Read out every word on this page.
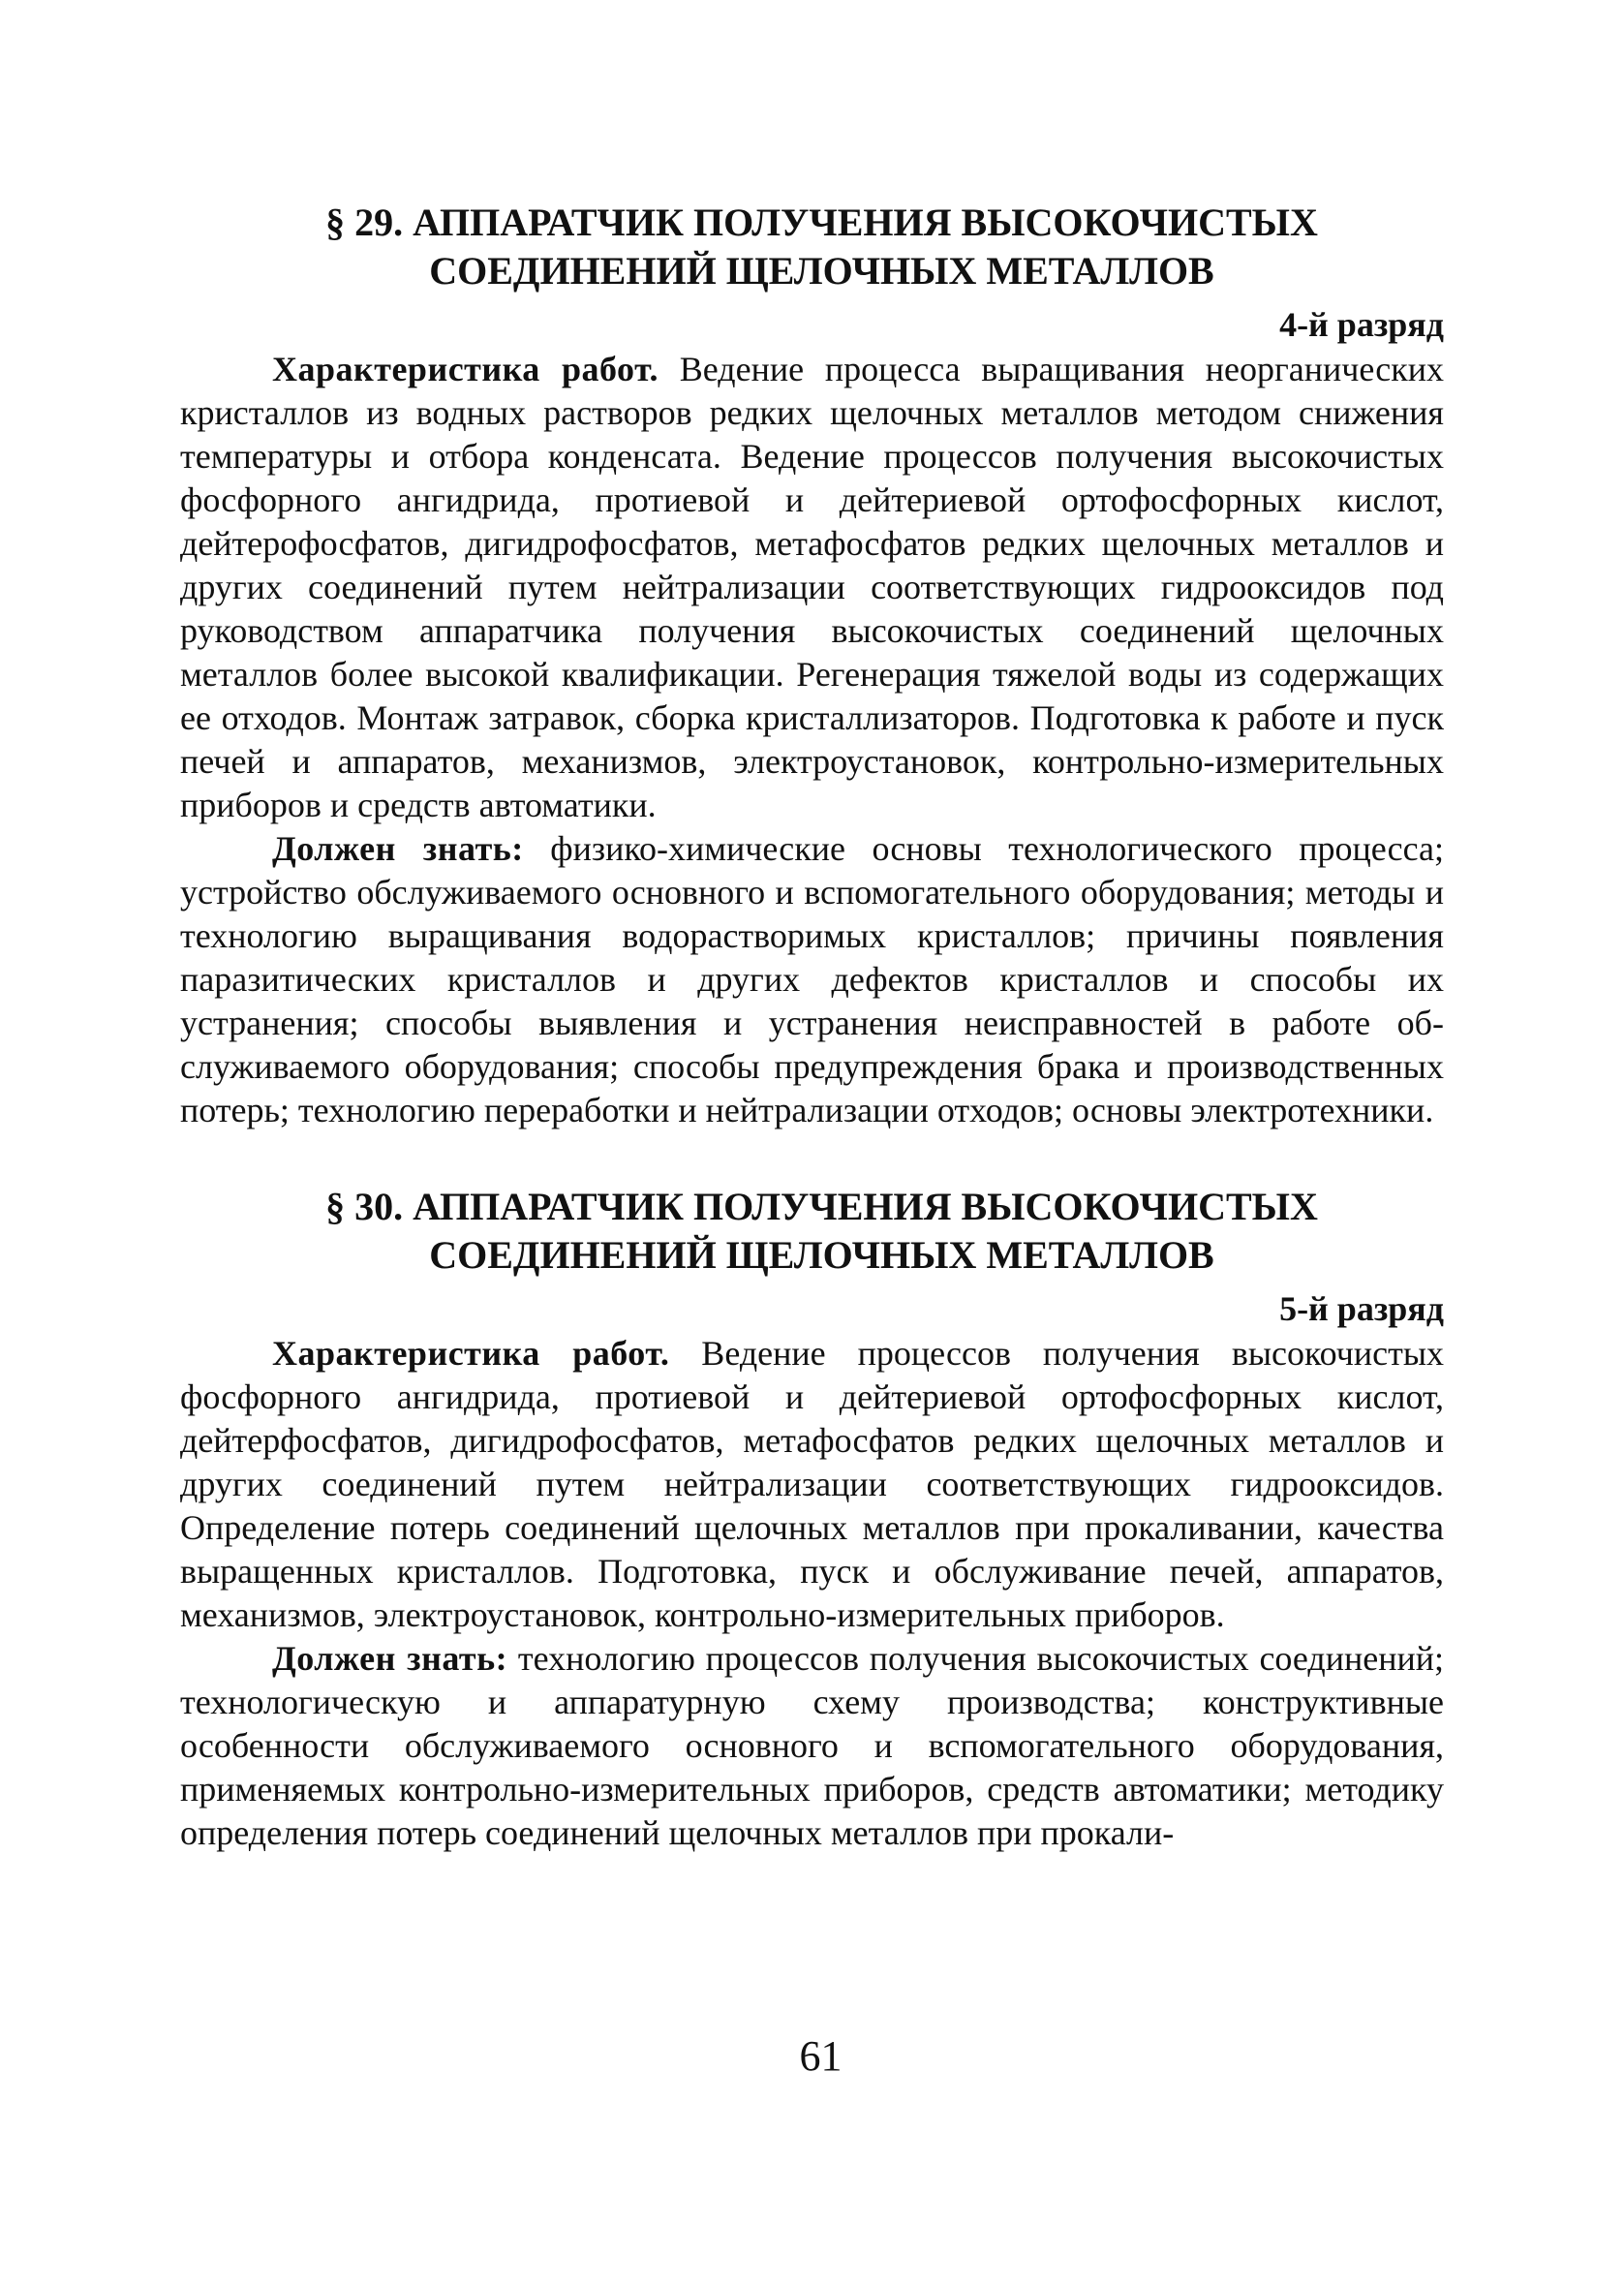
§ 29. АППАРАТЧИК ПОЛУЧЕНИЯ ВЫСОКОЧИСТЫХ
СОЕДИНЕНИЙ ЩЕЛОЧНЫХ МЕТАЛЛОВ
4-й разряд

Характеристика работ. Ведение процесса выращивания неорганических кристаллов из водных растворов редких щелочных металлов методом снижения температуры и отбора конденсата. Ведение процессов получения высокочистых фосфорного ангидрида, протиевой и дейтериевой ортофосфорных кислот, дейтерофосфатов, дигидрофосфатов, метафосфатов редких щелочных металлов и других соединений путем нейтрализации соответствующих гидрооксидов под руководством аппаратчика получения высокочистых соединений щелочных металлов более высокой квалификации. Регенерация тяжелой воды из содержащих ее отходов. Монтаж затравок, сборка кристаллизаторов. Подготовка к работе и пуск печей и аппаратов, механизмов, электроустановок, контрольно-измерительных приборов и средств автоматики.

Должен знать: физико-химические основы технологического процесса; устройство обслуживаемого основного и вспомогательного оборудования; методы и технологию выращивания водорастворимых кристаллов; причины появления паразитических кристаллов и других дефектов кристаллов и способы их устранения; способы выявления и устранения неисправностей в работе обслуживаемого оборудования; способы предупреждения брака и производственных потерь; технологию переработки и нейтрализации отходов; основы электротехники.

§ 30. АППАРАТЧИК ПОЛУЧЕНИЯ ВЫСОКОЧИСТЫХ
СОЕДИНЕНИЙ ЩЕЛОЧНЫХ МЕТАЛЛОВ
5-й разряд

Характеристика работ. Ведение процессов получения высокочистых фосфорного ангидрида, протиевой и дейтериевой ортофосфорных кислот, дейтерфосфатов, дигидрофосфатов, метафосфатов редких щелочных металлов и других соединений путем нейтрализации соответствующих гидрооксидов. Определение потерь соединений щелочных металлов при прокаливании, качества выращенных кристаллов. Подготовка, пуск и обслуживание печей, аппаратов, механизмов, электроустановок, контрольно-измерительных приборов.

Должен знать: технологию процессов получения высокочистых соединений; технологическую и аппаратурную схему производства; конструктивные особенности обслуживаемого основного и вспомогательного оборудования, применяемых контрольно-измерительных приборов, средств автоматики; методику определения потерь соединений щелочных металлов при прокали-

61
